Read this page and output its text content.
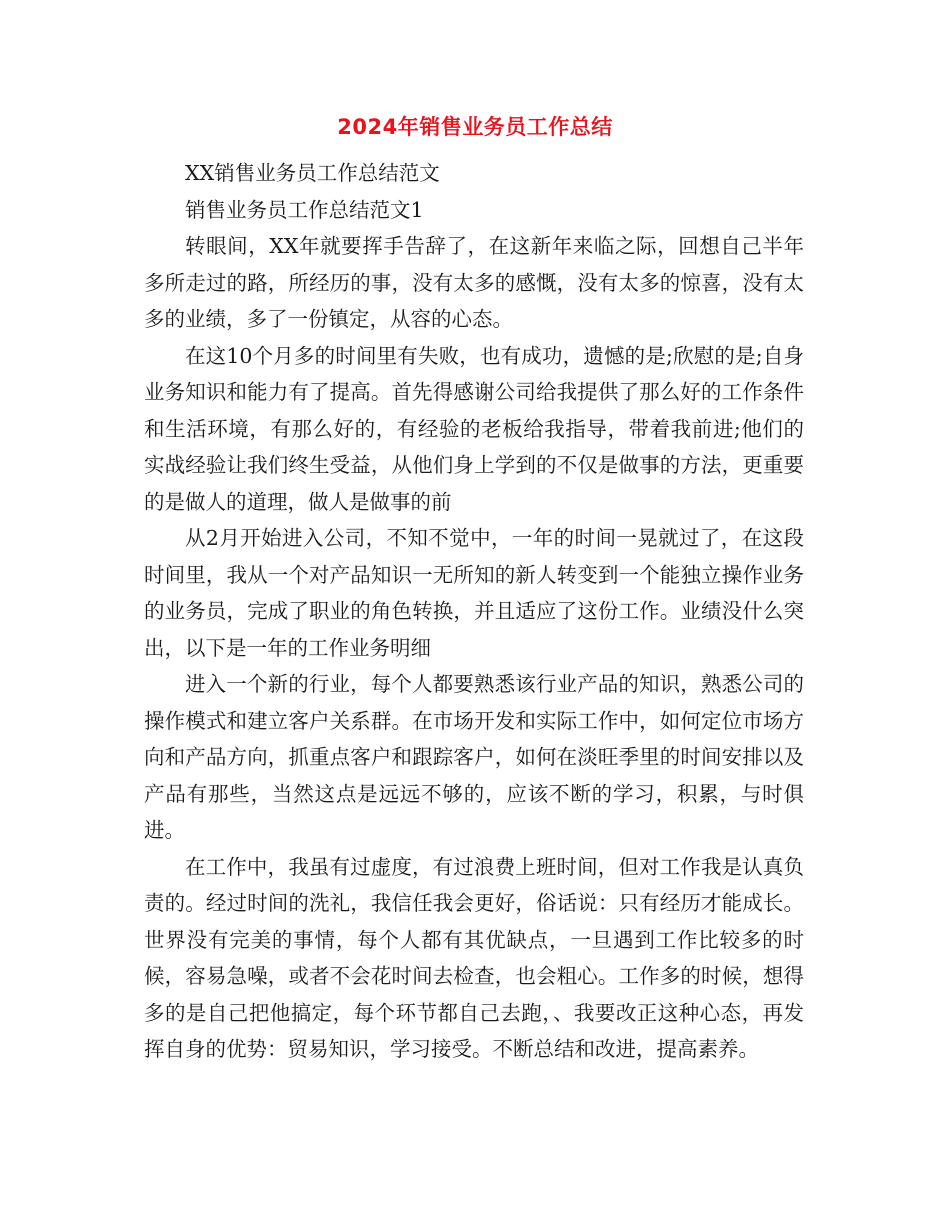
2024年销售业务员工作总结

XX销售业务员工作总结范文

销售业务员工作总结范文1

转眼间，XX年就要挥手告辞了，在这新年来临之际，回想自己半年多所走过的路，所经历的事，没有太多的感慨，没有太多的惊喜，没有太多的业绩，多了一份镇定，从容的心态。

在这10个月多的时间里有失败，也有成功，遗憾的是;欣慰的是;自身业务知识和能力有了提高。首先得感谢公司给我提供了那么好的工作条件和生活环境，有那么好的，有经验的老板给我指导，带着我前进;他们的实战经验让我们终生受益，从他们身上学到的不仅是做事的方法，更重要的是做人的道理，做人是做事的前

从2月开始进入公司，不知不觉中，一年的时间一晃就过了，在这段时间里，我从一个对产品知识一无所知的新人转变到一个能独立操作业务的业务员，完成了职业的角色转换，并且适应了这份工作。业绩没什么突出，以下是一年的工作业务明细

进入一个新的行业，每个人都要熟悉该行业产品的知识，熟悉公司的操作模式和建立客户关系群。在市场开发和实际工作中，如何定位市场方向和产品方向，抓重点客户和跟踪客户，如何在淡旺季里的时间安排以及产品有那些，当然这点是远远不够的，应该不断的学习，积累，与时俱进。

在工作中，我虽有过虚度，有过浪费上班时间，但对工作我是认真负责的。经过时间的洗礼，我信任我会更好，俗话说：只有经历才能成长。世界没有完美的事情，每个人都有其优缺点，一旦遇到工作比较多的时候，容易急噪，或者不会花时间去检查，也会粗心。工作多的时候，想得多的是自己把他搞定，每个环节都自己去跑，、我要改正这种心态，再发挥自身的优势：贸易知识，学习接受。不断总结和改进，提高素养。
